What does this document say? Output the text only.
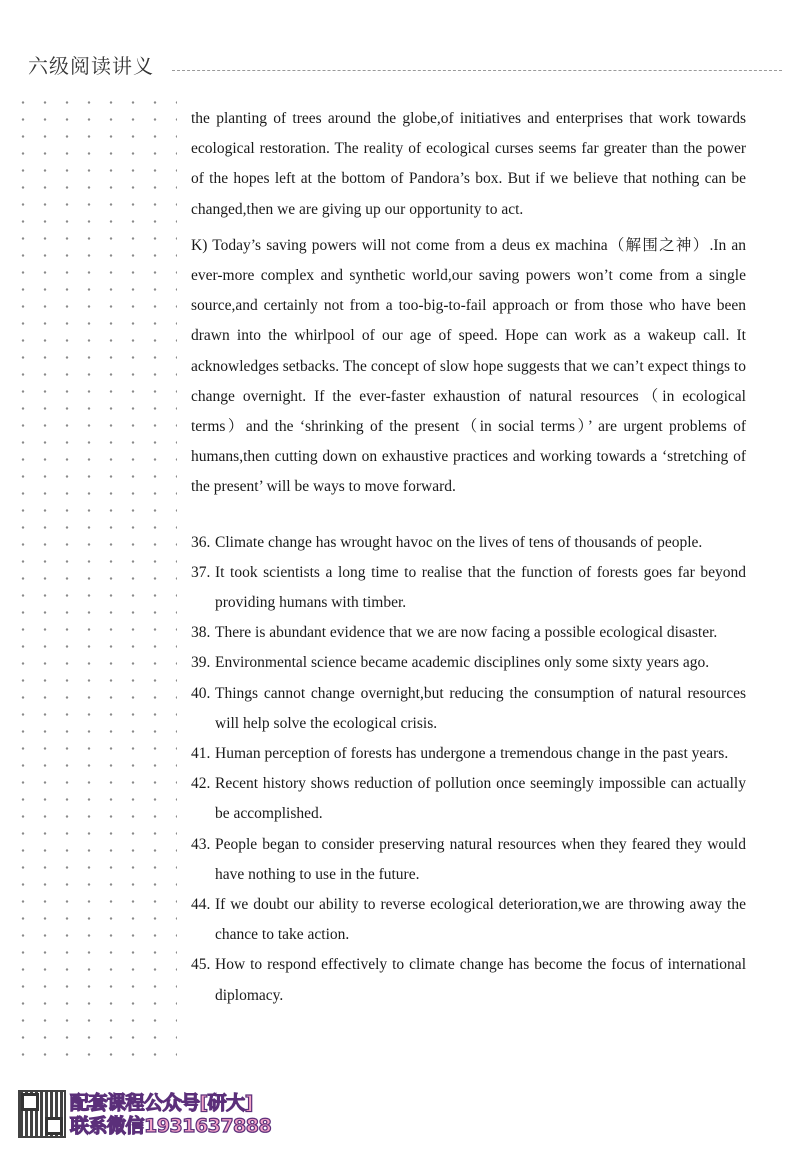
六级阅读讲义

the planting of trees around the globe,of initiatives and enterprises that work towards ecological restoration. The reality of ecological curses seems far greater than the power of the hopes left at the bottom of Pandora’s box. But if we believe that nothing can be changed,then we are giving up our opportunity to act.

K) Today’s saving powers will not come from a deus ex machina（解围之神）.In an ever-more complex and synthetic world,our saving powers won’t come from a single source,and certainly not from a too-big-to-fail approach or from those who have been drawn into the whirlpool of our age of speed. Hope can work as a wakeup call. It acknowledges setbacks. The concept of slow hope suggests that we can’t expect things to change overnight. If the ever-faster exhaustion of natural resources（in ecological terms）and the ‘shrinking of the present（in social terms）’ are urgent problems of humans,then cutting down on exhaustive practices and working towards a ‘stretching of the present’ will be ways to move forward.

36. Climate change has wrought havoc on the lives of tens of thousands of people.
37. It took scientists a long time to realise that the function of forests goes far beyond providing humans with timber.
38. There is abundant evidence that we are now facing a possible ecological disaster.
39. Environmental science became academic disciplines only some sixty years ago.
40. Things cannot change overnight,but reducing the consumption of natural resources will help solve the ecological crisis.
41. Human perception of forests has undergone a tremendous change in the past years.
42. Recent history shows reduction of pollution once seemingly impossible can actually be accomplished.
43. People began to consider preserving natural resources when they feared they would have nothing to use in the future.
44. If we doubt our ability to reverse ecological deterioration,we are throwing away the chance to take action.
45. How to respond effectively to climate change has become the focus of international diplomacy.
配套课程公众号[研大]
联系微信1931637888
